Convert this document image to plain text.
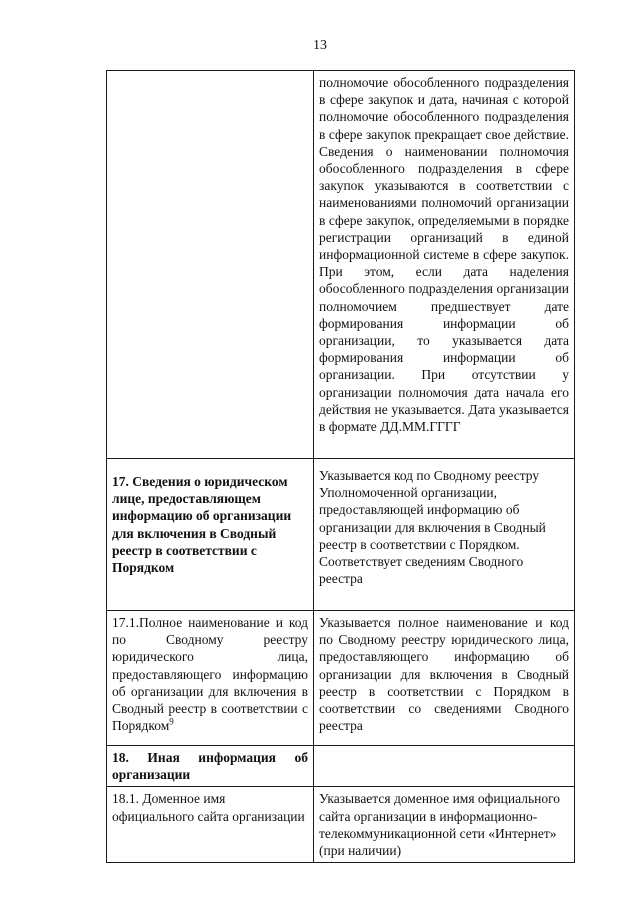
13
	полномочие обособленного подразделения в сфере закупок и дата, начиная с которой полномочие обособленного подразделения в сфере закупок прекращает свое действие. Сведения о наименовании полномочия обособленного подразделения в сфере закупок указываются в соответствии с наименованиями полномочий организации в сфере закупок, определяемыми в порядке регистрации организаций в единой информационной системе в сфере закупок. При этом, если дата наделения обособленного подразделения организации полномочием предшествует дате формирования информации об организации, то указывается дата формирования информации об организации. При отсутствии у организации полномочия дата начала его действия не указывается. Дата указывается в формате ДД.ММ.ГГГГ
17. Сведения о юридическом лице, предоставляющем информацию об организации для включения в Сводный реестр в соответствии с Порядком	Указывается код по Сводному реестру Уполномоченной организации, предоставляющей информацию об организации для включения в Сводный реестр в соответствии с Порядком. Соответствует сведениям Сводного реестра
17.1.Полное наименование и код по Сводному реестру юридического лица, предоставляющего информацию об организации для включения в Сводный реестр в соответствии с Порядком$^9$	Указывается полное наименование и код по Сводному реестру юридического лица, предоставляющего информацию об организации для включения в Сводный реестр в соответствии с Порядком в соответствии со сведениями Сводного реестра
18. Иная информация об организации	
18.1. Доменное имя официального сайта организации	Указывается доменное имя официального сайта организации в информационно-телекоммуникационной сети «Интернет» (при наличии)
